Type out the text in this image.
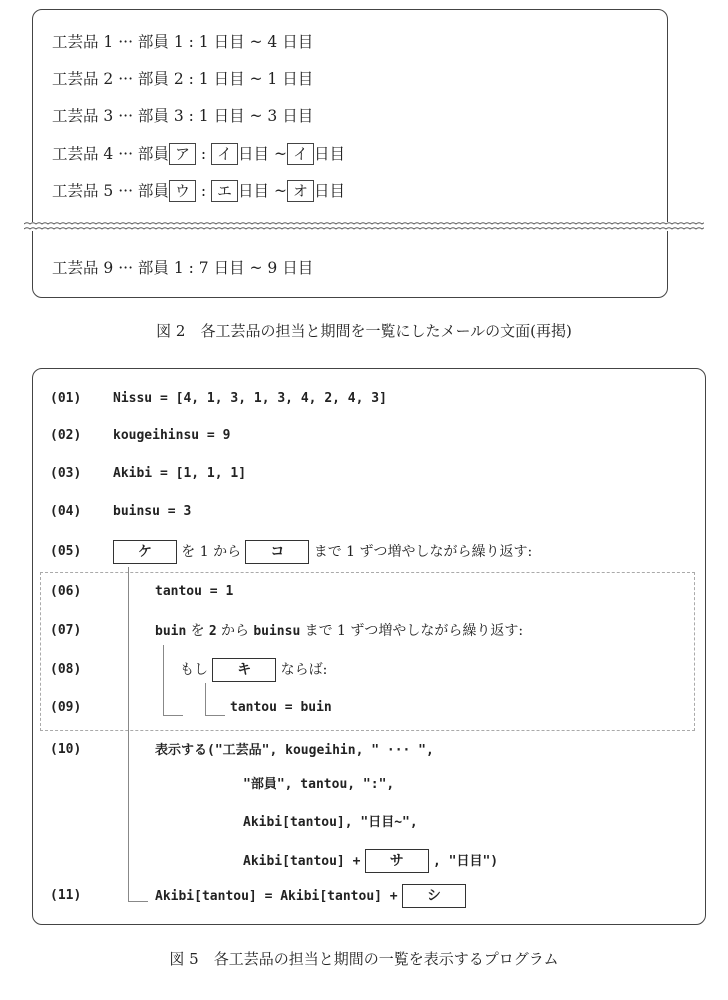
工芸品 1 ··· 部員 1 : 1 日目 ~ 4 日目
工芸品 2 ··· 部員 2 : 1 日目 ~ 1 日目
工芸品 3 ··· 部員 3 : 1 日目 ~ 3 日目
工芸品 4 ··· 部員 ア : イ 日目 ~ イ 日目
工芸品 5 ··· 部員 ウ : エ 日目 ~ オ 日目
工芸品 9 ··· 部員 1 : 7 日目 ~ 9 日目
図 2　各工芸品の担当と期間を一覧にしたメールの文面(再掲)
(01)
(02)
(03)
(04)
(05)
(06)
(07)
(08)
(09)
(10)
(11)
Nissu = [4, 1, 3, 1, 3, 4, 2, 4, 3]
kougeihinsu = 9
Akibi = [1, 1, 1]
buinsu = 3
ケ を 1 から コ まで 1 ずつ増やしながら繰り返す:
tantou = 1
buin を 2 から buinsu まで 1 ずつ増やしながら繰り返す:
もし キ ならば:
tantou = buin
表示する("工芸品", kougeihin, " ··· ",
"部員", tantou, ":",
Akibi[tantou], "日目~",
Akibi[tantou] + サ , "日目")
Akibi[tantou] = Akibi[tantou] + シ
図 5　各工芸品の担当と期間の一覧を表示するプログラム
